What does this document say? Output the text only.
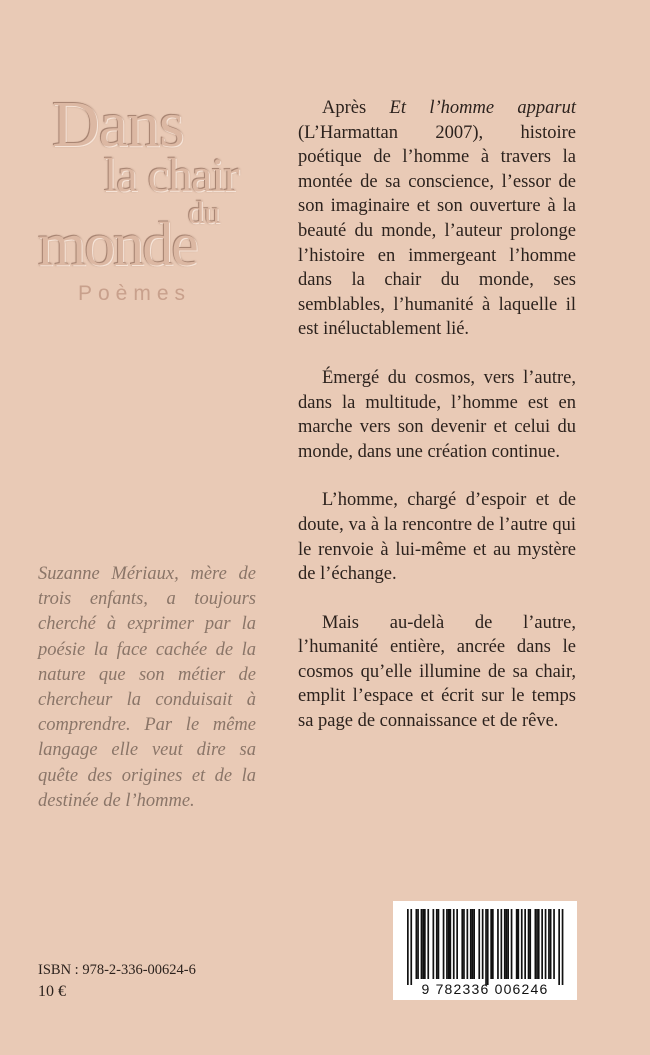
Dans
la chair
du
monde
Poèmes
Suzanne Mériaux, mère de trois enfants, a toujours cherché à exprimer par la poésie la face cachée de la nature que son métier de chercheur la conduisait à comprendre. Par le même langage elle veut dire sa quête des origines et de la destinée de l’homme.

Après Et l’homme apparut (L’Harmattan 2007), histoire poétique de l’homme à travers la montée de sa conscience, l’essor de son imaginaire et son ouverture à la beauté du monde, l’auteur prolonge l’histoire en immergeant l’homme dans la chair du monde, ses semblables, l’humanité à laquelle il est inéluctablement lié.

Émergé du cosmos, vers l’autre, dans la multitude, l’homme est en marche vers son devenir et celui du monde, dans une création continue.

L’homme, chargé d’espoir et de doute, va à la rencontre de l’autre qui le renvoie à lui-même et au mystère de l’échange.

Mais au-delà de l’autre, l’humanité entière, ancrée dans le cosmos qu’elle illumine de sa chair, emplit l’espace et écrit sur le temps sa page de connaissance et de rêve.

ISBN : 978-2-336-00624-6
10 €	9 782336 006246
